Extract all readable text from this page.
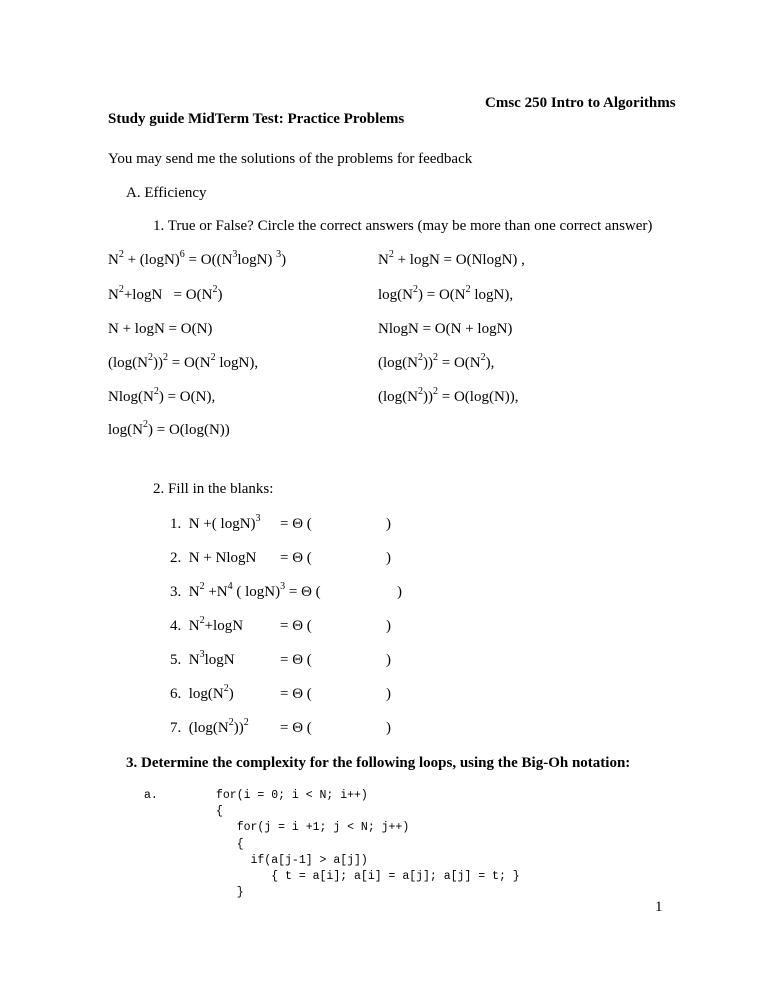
Cmsc 250 Intro to Algorithms
Study guide MidTerm Test: Practice Problems
You may send me the solutions of the problems for feedback
A. Efficiency
1. True or False? Circle the correct answers (may be more than one correct answer)
$N^2 + (\log N)^6 = O((N^3\log N)$ $^3$)	$N^2 + \log N = O(NlogN)$ ,
$N^2+\log N = O(N^2)$	$\log(N^2) = O(N^2$ logN),
N + logN = O(N)	NlogN = O(N + logN)
$(\log(N^2))^2 = O(N^2$ logN),	$(\log(N^2))^2 = O(N^2)$,
$Nlog(N^2) = O(N)$,	$(\log(N^2))^2 = O(\log(N))$,
$\log(N^2) = O(\log(N))$
2. Fill in the blanks:
1.  N +( logN)$^3$ = Θ (	)
2.  N + NlogN = Θ (	)
3.  $N^2 +N^4$ ( logN)$^3$ = Θ (	)
4.  $N^2+\log N = \Theta$ (	)
5.  $N^3\log N$	= Θ (	)
6.  $\log(N^2)$	= Θ (	)
7.  $(\log(N^2))^2 = \Theta$ (	)
3. Determine the complexity for the following loops, using the Big-Oh notation:
a.	for(i = 0; i < N; i++)
{
for(j = i +1; j < N; j++)
{
if(a[j-1] > a[j])
{ t = a[i]; a[i] = a[j]; a[j] = t; }
}
1
